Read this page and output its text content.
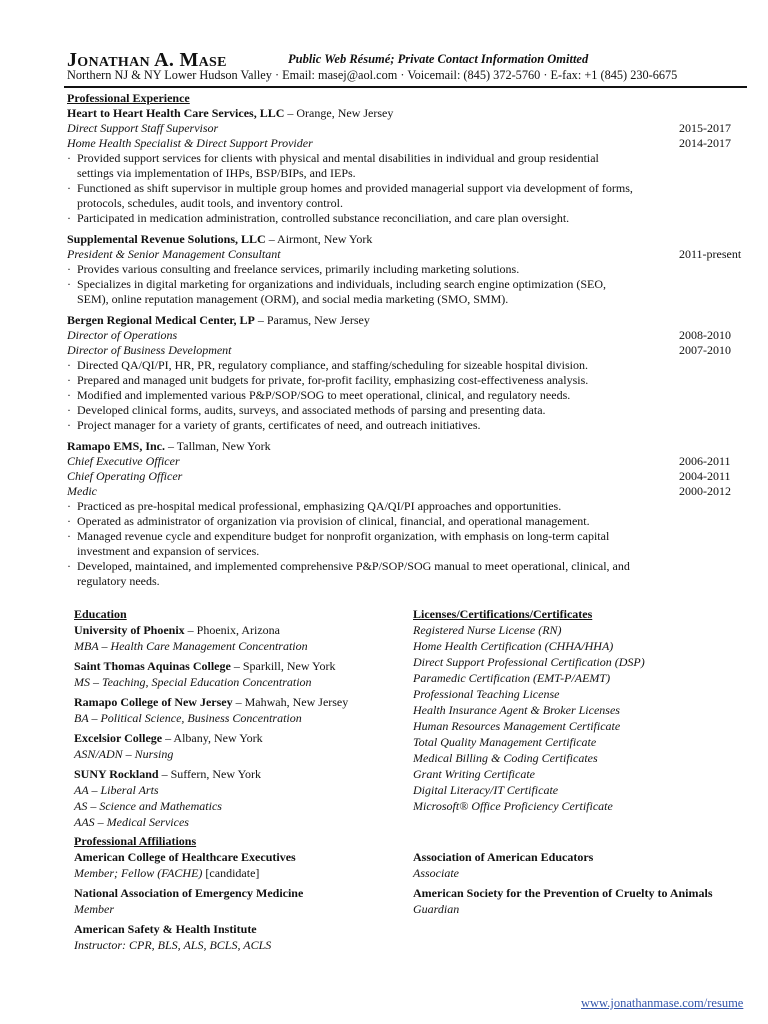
Jonathan A. Mase	Public Web Résumé; Private Contact Information Omitted
Northern NJ & NY Lower Hudson Valley · Email: masej@aol.com · Voicemail: (845) 372-5760 · E-fax: +1 (845) 230-6675
Professional Experience
Heart to Heart Health Care Services, LLC – Orange, New Jersey
Direct Support Staff Supervisor	2015-2017
Home Health Specialist & Direct Support Provider	2014-2017
· Provided support services for clients with physical and mental disabilities in individual and group residential settings via implementation of IHPs, BSP/BIPs, and IEPs.
· Functioned as shift supervisor in multiple group homes and provided managerial support via development of forms, protocols, schedules, audit tools, and inventory control.
· Participated in medication administration, controlled substance reconciliation, and care plan oversight.
Supplemental Revenue Solutions, LLC – Airmont, New York
President & Senior Management Consultant	2011-present
· Provides various consulting and freelance services, primarily including marketing solutions.
· Specializes in digital marketing for organizations and individuals, including search engine optimization (SEO, SEM), online reputation management (ORM), and social media marketing (SMO, SMM).
Bergen Regional Medical Center, LP – Paramus, New Jersey
Director of Operations	2008-2010
Director of Business Development	2007-2010
· Directed QA/QI/PI, HR, PR, regulatory compliance, and staffing/scheduling for sizeable hospital division.
· Prepared and managed unit budgets for private, for-profit facility, emphasizing cost-effectiveness analysis.
· Modified and implemented various P&P/SOP/SOG to meet operational, clinical, and regulatory needs.
· Developed clinical forms, audits, surveys, and associated methods of parsing and presenting data.
· Project manager for a variety of grants, certificates of need, and outreach initiatives.
Ramapo EMS, Inc. – Tallman, New York
Chief Executive Officer	2006-2011
Chief Operating Officer	2004-2011
Medic	2000-2012
· Practiced as pre-hospital medical professional, emphasizing QA/QI/PI approaches and opportunities.
· Operated as administrator of organization via provision of clinical, financial, and operational management.
· Managed revenue cycle and expenditure budget for nonprofit organization, with emphasis on long-term capital investment and expansion of services.
· Developed, maintained, and implemented comprehensive P&P/SOP/SOG manual to meet operational, clinical, and regulatory needs.
Education
University of Phoenix – Phoenix, Arizona
MBA – Health Care Management Concentration
Saint Thomas Aquinas College – Sparkill, New York
MS – Teaching, Special Education Concentration
Ramapo College of New Jersey – Mahwah, New Jersey
BA – Political Science, Business Concentration
Excelsior College – Albany, New York
ASN/ADN – Nursing
SUNY Rockland – Suffern, New York
AA – Liberal Arts
AS – Science and Mathematics
AAS – Medical Services
Licenses/Certifications/Certificates
Registered Nurse License (RN)
Home Health Certification (CHHA/HHA)
Direct Support Professional Certification (DSP)
Paramedic Certification (EMT-P/AEMT)
Professional Teaching License
Health Insurance Agent & Broker Licenses
Human Resources Management Certificate
Total Quality Management Certificate
Medical Billing & Coding Certificates
Grant Writing Certificate
Digital Literacy/IT Certificate
Microsoft® Office Proficiency Certificate
Professional Affiliations
American College of Healthcare Executives
Member; Fellow (FACHE) [candidate]
National Association of Emergency Medicine
Member
American Safety & Health Institute
Instructor: CPR, BLS, ALS, BCLS, ACLS
Association of American Educators
Associate
American Society for the Prevention of Cruelty to Animals
Guardian
www.jonathanmase.com/resume
